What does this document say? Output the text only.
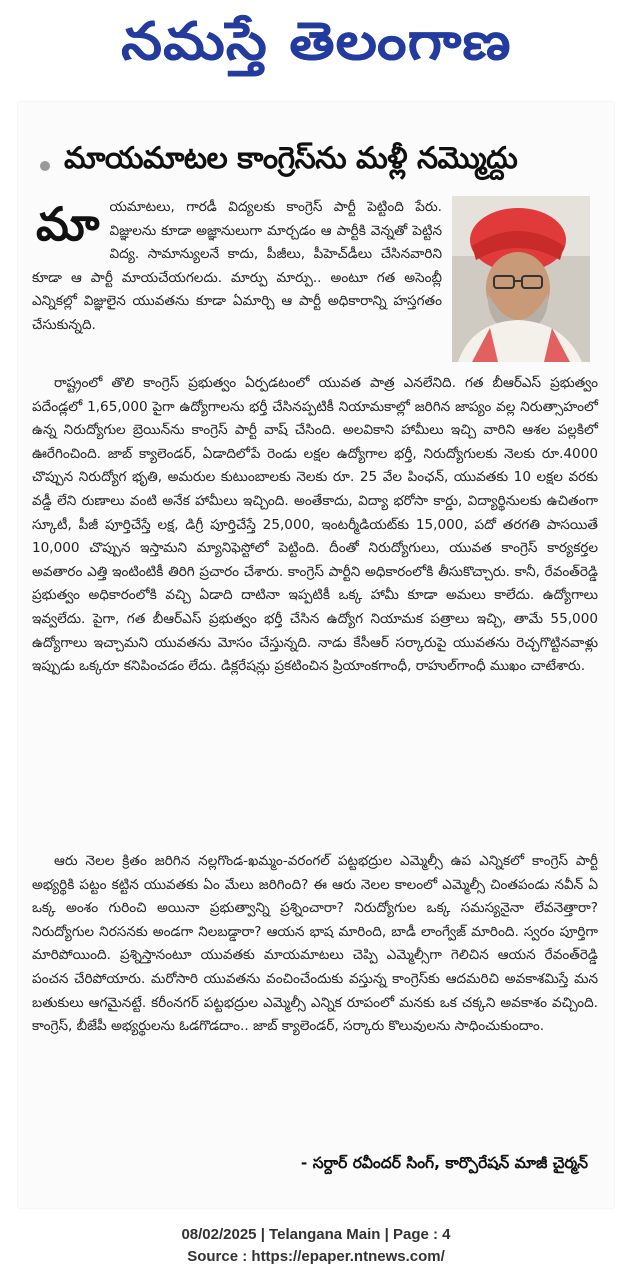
నమస్తే తెలంగాణ
మాయమాటల కాంగ్రెస్‌ను మళ్లీ నమ్మొద్దు
మా యమాటలు, గారడీ విద్యలకు కాంగ్రెస్ పార్టీ పెట్టింది పేరు. విజ్ఞులను కూడా అజ్ఞానులుగా మార్చడం ఆ పార్టీకి వెన్నతో పెట్టిన విద్య. సామాన్యులనే కాదు, పీజీలు, పీహెచ్‌డీలు చేసినవారిని కూడా ఆ పార్టీ మాయచేయగలదు. మార్పు మార్పు.. అంటూ గత అసెంబ్లీ ఎన్నికల్లో విజ్ఞులైన యువతను కూడా ఏమార్చి ఆ పార్టీ అధికారాన్ని హస్తగతం చేసుకున్నది.

రాష్ట్రంలో తొలి కాంగ్రెస్ ప్రభుత్వం ఏర్పడటంలో యువత పాత్ర ఎనలేనిది. గత బీఆర్‌ఎస్ ప్రభుత్వం పదేండ్లలో 1,65,000 పైగా ఉద్యోగాలను భర్తీ చేసినప్పటికీ నియామకాల్లో జరిగిన జాప్యం వల్ల నిరుత్సాహంలో ఉన్న నిరుద్యోగుల బ్రెయిన్‌ను కాంగ్రెస్ పార్టీ వాష్ చేసింది. అలవికాని హామీలు ఇచ్చి వారిని ఆశల పల్లకిలో ఊరేగించింది. జాబ్ క్యాలెండర్, ఏడాదిలోపే రెండు లక్షల ఉద్యోగాల భర్తీ, నిరుద్యోగులకు నెలకు రూ.4000 చొప్పున నిరుద్యోగ భృతి, అమరుల కుటుంబాలకు నెలకు రూ. 25 వేల పింఛన్, యువతకు 10 లక్షల వరకు వడ్డీ లేని రుణాలు వంటి అనేక హామీలు ఇచ్చింది. అంతేకాదు, విద్యా భరోసా కార్డు, విద్యార్థినులకు ఉచితంగా స్కూటీ, పీజీ పూర్తిచేస్తే లక్ష, డిగ్రీ పూర్తిచేస్తే 25,000, ఇంటర్మీడియట్‌కు 15,000, పదో తరగతి పాసయితే 10,000 చొప్పున ఇస్తామని మ్యానిఫెస్టోలో పెట్టింది. దీంతో నిరుద్యోగులు, యువత కాంగ్రెస్ కార్యకర్తల అవతారం ఎత్తి ఇంటింటికీ తిరిగి ప్రచారం చేశారు. కాంగ్రెస్ పార్టీని అధికారంలోకి తీసుకొచ్చారు. కానీ, రేవంత్‌రెడ్డి ప్రభుత్వం అధికారంలోకి వచ్చి ఏడాది దాటినా ఇప్పటికీ ఒక్క హామీ కూడా అమలు కాలేదు. ఉద్యోగాలు ఇవ్వలేదు. పైగా, గత బీఆర్‌ఎస్ ప్రభుత్వం భర్తీ చేసిన ఉద్యోగ నియామక పత్రాలు ఇచ్చి, తామే 55,000 ఉద్యోగాలు ఇచ్చామని యువతను మోసం చేస్తున్నది. నాడు కేసీఆర్ సర్కారుపై యువతను రెచ్చగొట్టినవాళ్లు ఇప్పుడు ఒక్కరూ కనిపించడం లేదు. డిక్లరేషన్లు ప్రకటించిన ప్రియాంకగాంధీ, రాహుల్‌గాంధీ ముఖం చాటేశారు.

ఆరు నెలల క్రితం జరిగిన నల్లగొండ-ఖమ్మం-వరంగల్ పట్టభద్రుల ఎమ్మెల్సీ ఉప ఎన్నికలో కాంగ్రెస్ పార్టీ అభ్యర్థికి పట్టం కట్టిన యువతకు ఏం మేలు జరిగింది? ఈ ఆరు నెలల కాలంలో ఎమ్మెల్సీ చింతపండు నవీన్ ఏ ఒక్క అంశం గురించి అయినా ప్రభుత్వాన్ని ప్రశ్నించారా? నిరుద్యోగుల ఒక్క సమస్యనైనా లేవనెత్తారా? నిరుద్యోగుల నిరసనకు అండగా నిలబడ్డారా? ఆయన భాష మారింది, బాడీ లాంగ్వేజ్ మారింది. స్వరం పూర్తిగా మారిపోయింది. ప్రశ్నిస్తానంటూ యువతకు మాయమాటలు చెప్పి ఎమ్మెల్సీగా గెలిచిన ఆయన రేవంత్‌రెడ్డి పంచన చేరిపోయారు. మరోసారి యువతను వంచించేందుకు వస్తున్న కాంగ్రెస్‌కు ఆదమరిచి అవకాశమిస్తే మన బతుకులు ఆగమైనట్టే. కరీంనగర్ పట్టభద్రుల ఎమ్మెల్సీ ఎన్నిక రూపంలో మనకు ఒక చక్కని అవకాశం వచ్చింది. కాంగ్రెస్, బీజేపీ అభ్యర్థులను ఓడగొడదాం.. జాబ్ క్యాలెండర్, సర్కారు కొలువులను సాధించుకుందాం.

- సర్దార్ రవీందర్ సింగ్, కార్పొరేషన్ మాజీ చైర్మన్
08/02/2025 | Telangana Main | Page : 4
Source : https://epaper.ntnews.com/
